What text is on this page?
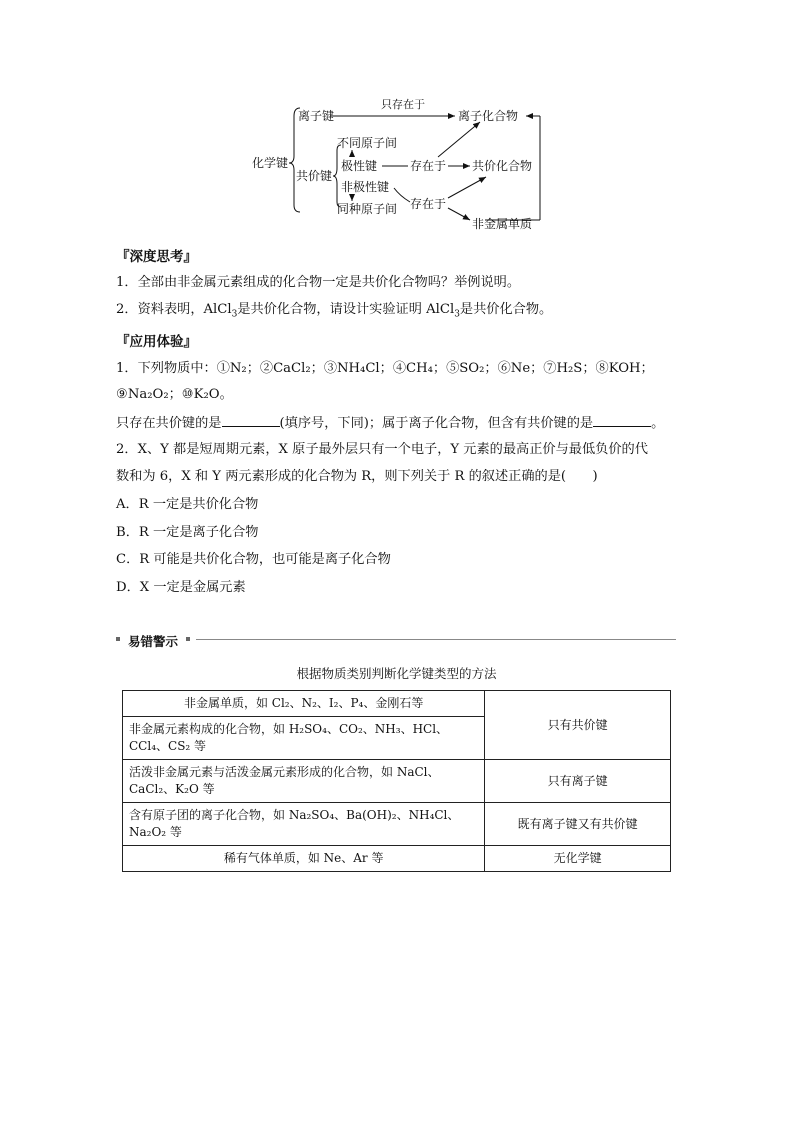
化学键
离子键
只存在于
离子化合物
共价键
不同原子间
极性键	存在于 共价化合物
非极性键
同种原子间 存在于
非金属单质
『深度思考』
1．全部由非金属元素组成的化合物一定是共价化合物吗？举例说明。
2．资料表明，AlCl$_3$是共价化合物，请设计实验证明 AlCl$_3$是共价化合物。
『应用体验』
1．下列物质中：①N₂；②CaCl₂；③NH₄Cl；④CH₄；⑤SO₂；⑥Ne；⑦H₂S；⑧KOH；
⑨Na₂O₂；⑩K₂O。
只存在共价键的是	(填序号，下同)；属于离子化合物，但含有共价键的是	。
2．X、Y 都是短周期元素，X 原子最外层只有一个电子，Y 元素的最高正价与最低负价的代
数和为 6，X 和 Y 两元素形成的化合物为 R，则下列关于 R 的叙述正确的是(　　)
A．R 一定是共价化合物
B．R 一定是离子化合物
C．R 可能是共价化合物，也可能是离子化合物
D．X 一定是金属元素
易错警示
根据物质类别判断化学键类型的方法
非金属单质，如 Cl₂、N₂、I₂、P₄、金刚石等	只有共价键
非金属元素构成的化合物，如 H₂SO₄、CO₂、NH₃、HCl、CCl₄、CS₂ 等	
活泼非金属元素与活泼金属元素形成的化合物，如 NaCl、CaCl₂、K₂O 等	只有离子键
含有原子团的离子化合物，如 Na₂SO₄、Ba(OH)₂、NH₄Cl、Na₂O₂ 等	既有离子键又有共价键
稀有气体单质，如 Ne、Ar 等	无化学键
